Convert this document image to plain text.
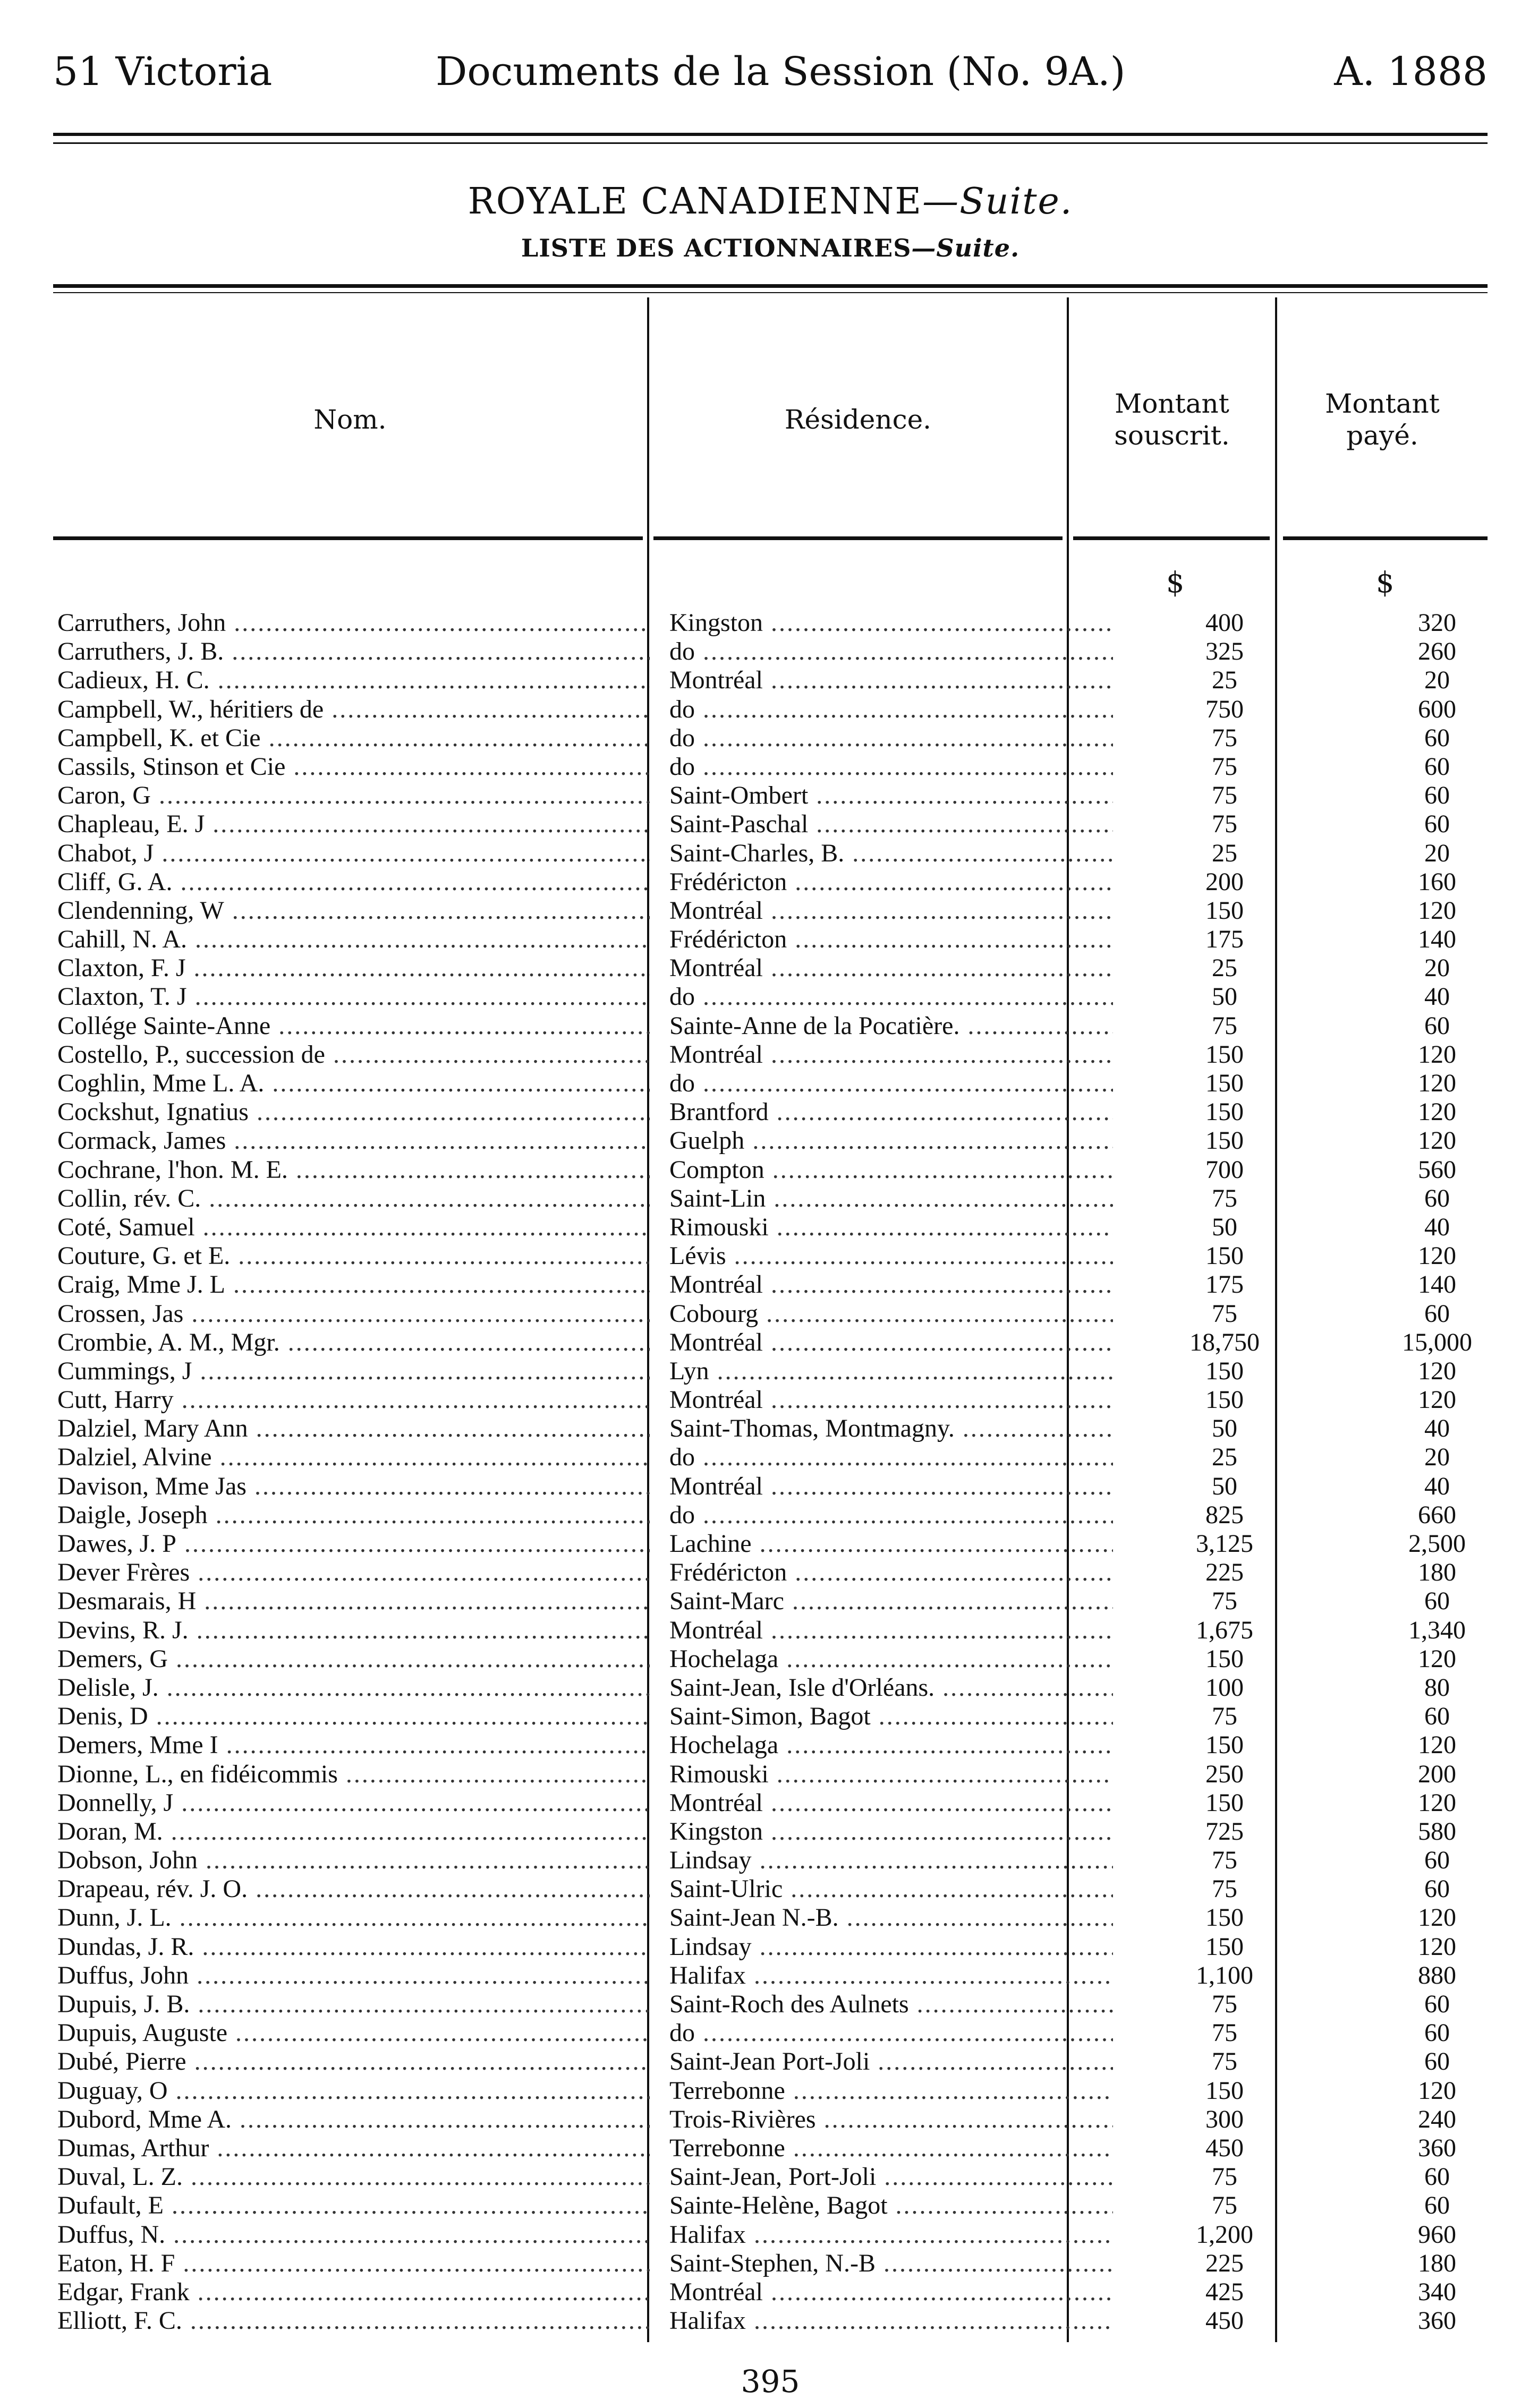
51 Victoria	Documents de la Session (No. 9A.)	A. 1888
ROYALE CANADIENNE—Suite.
LISTE DES ACTIONNAIRES—Suite.
Nom.	Résidence.
Montant
souscrit.
Montant
payé.
$	$
Carruthers, John .....	Kingston .....	400	320
Carruthers, J. B. .....	do .....	325	260
Cadieux, H. C. .....	Montréal .....	25	20
Campbell, W., héritiers de .....	do .....	750	600
Campbell, K. et Cie .....	do .....	75	60
Cassils, Stinson et Cie .....	do .....	75	60
Caron, G .....	Saint-Ombert .....	75	60
Chapleau, E. J .....	Saint-Paschal .....	75	60
Chabot, J .....	Saint-Charles, B. .....	25	20
Cliff, G. A. .....	Frédéricton .....	200	160
Clendenning, W .....	Montréal .....	150	120
Cahill, N. A. .....	Frédéricton .....	175	140
Claxton, F. J .....	Montréal .....	25	20
Claxton, T. J .....	do .....	50	40
Collége Sainte-Anne .....	Sainte-Anne de la Pocatière. .....	75	60
Costello, P., succession de .....	Montréal .....	150	120
Coghlin, Mme L. A. .....	do .....	150	120
Cockshut, Ignatius .....	Brantford .....	150	120
Cormack, James .....	Guelph .....	150	120
Cochrane, l'hon. M. E. .....	Compton .....	700	560
Collin, rév. C. .....	Saint-Lin .....	75	60
Coté, Samuel .....	Rimouski .....	50	40
Couture, G. et E. .....	Lévis .....	150	120
Craig, Mme J. L .....	Montréal .....	175	140
Crossen, Jas .....	Cobourg .....	75	60
Crombie, A. M., Mgr. .....	Montréal .....	18,750	15,000
Cummings, J .....	Lyn .....	150	120
Cutt, Harry .....	Montréal .....	150	120
Dalziel, Mary Ann .....	Saint-Thomas, Montmagny. .....	50	40
Dalziel, Alvine .....	do .....	25	20
Davison, Mme Jas .....	Montréal .....	50	40
Daigle, Joseph .....	do .....	825	660
Dawes, J. P .....	Lachine .....	3,125	2,500
Dever Frères .....	Frédéricton .....	225	180
Desmarais, H .....	Saint-Marc .....	75	60
Devins, R. J. .....	Montréal .....	1,675	1,340
Demers, G .....	Hochelaga .....	150	120
Delisle, J. .....	Saint-Jean, Isle d'Orléans. .....	100	80
Denis, D .....	Saint-Simon, Bagot .....	75	60
Demers, Mme I .....	Hochelaga .....	150	120
Dionne, L., en fidéicommis .....	Rimouski .....	250	200
Donnelly, J .....	Montréal .....	150	120
Doran, M. .....	Kingston .....	725	580
Dobson, John .....	Lindsay .....	75	60
Drapeau, rév. J. O. .....	Saint-Ulric .....	75	60
Dunn, J. L. .....	Saint-Jean N.-B. .....	150	120
Dundas, J. R. .....	Lindsay .....	150	120
Duffus, John .....	Halifax .....	1,100	880
Dupuis, J. B. .....	Saint-Roch des Aulnets .....	75	60
Dupuis, Auguste .....	do .....	75	60
Dubé, Pierre .....	Saint-Jean Port-Joli .....	75	60
Duguay, O .....	Terrebonne .....	150	120
Dubord, Mme A. .....	Trois-Rivières .....	300	240
Dumas, Arthur .....	Terrebonne .....	450	360
Duval, L. Z. .....	Saint-Jean, Port-Joli .....	75	60
Dufault, E .....	Sainte-Helène, Bagot .....	75	60
Duffus, N. .....	Halifax .....	1,200	960
Eaton, H. F .....	Saint-Stephen, N.-B .....	225	180
Edgar, Frank .....	Montréal .....	425	340
Elliott, F. C. .....	Halifax .....	450	360
395
